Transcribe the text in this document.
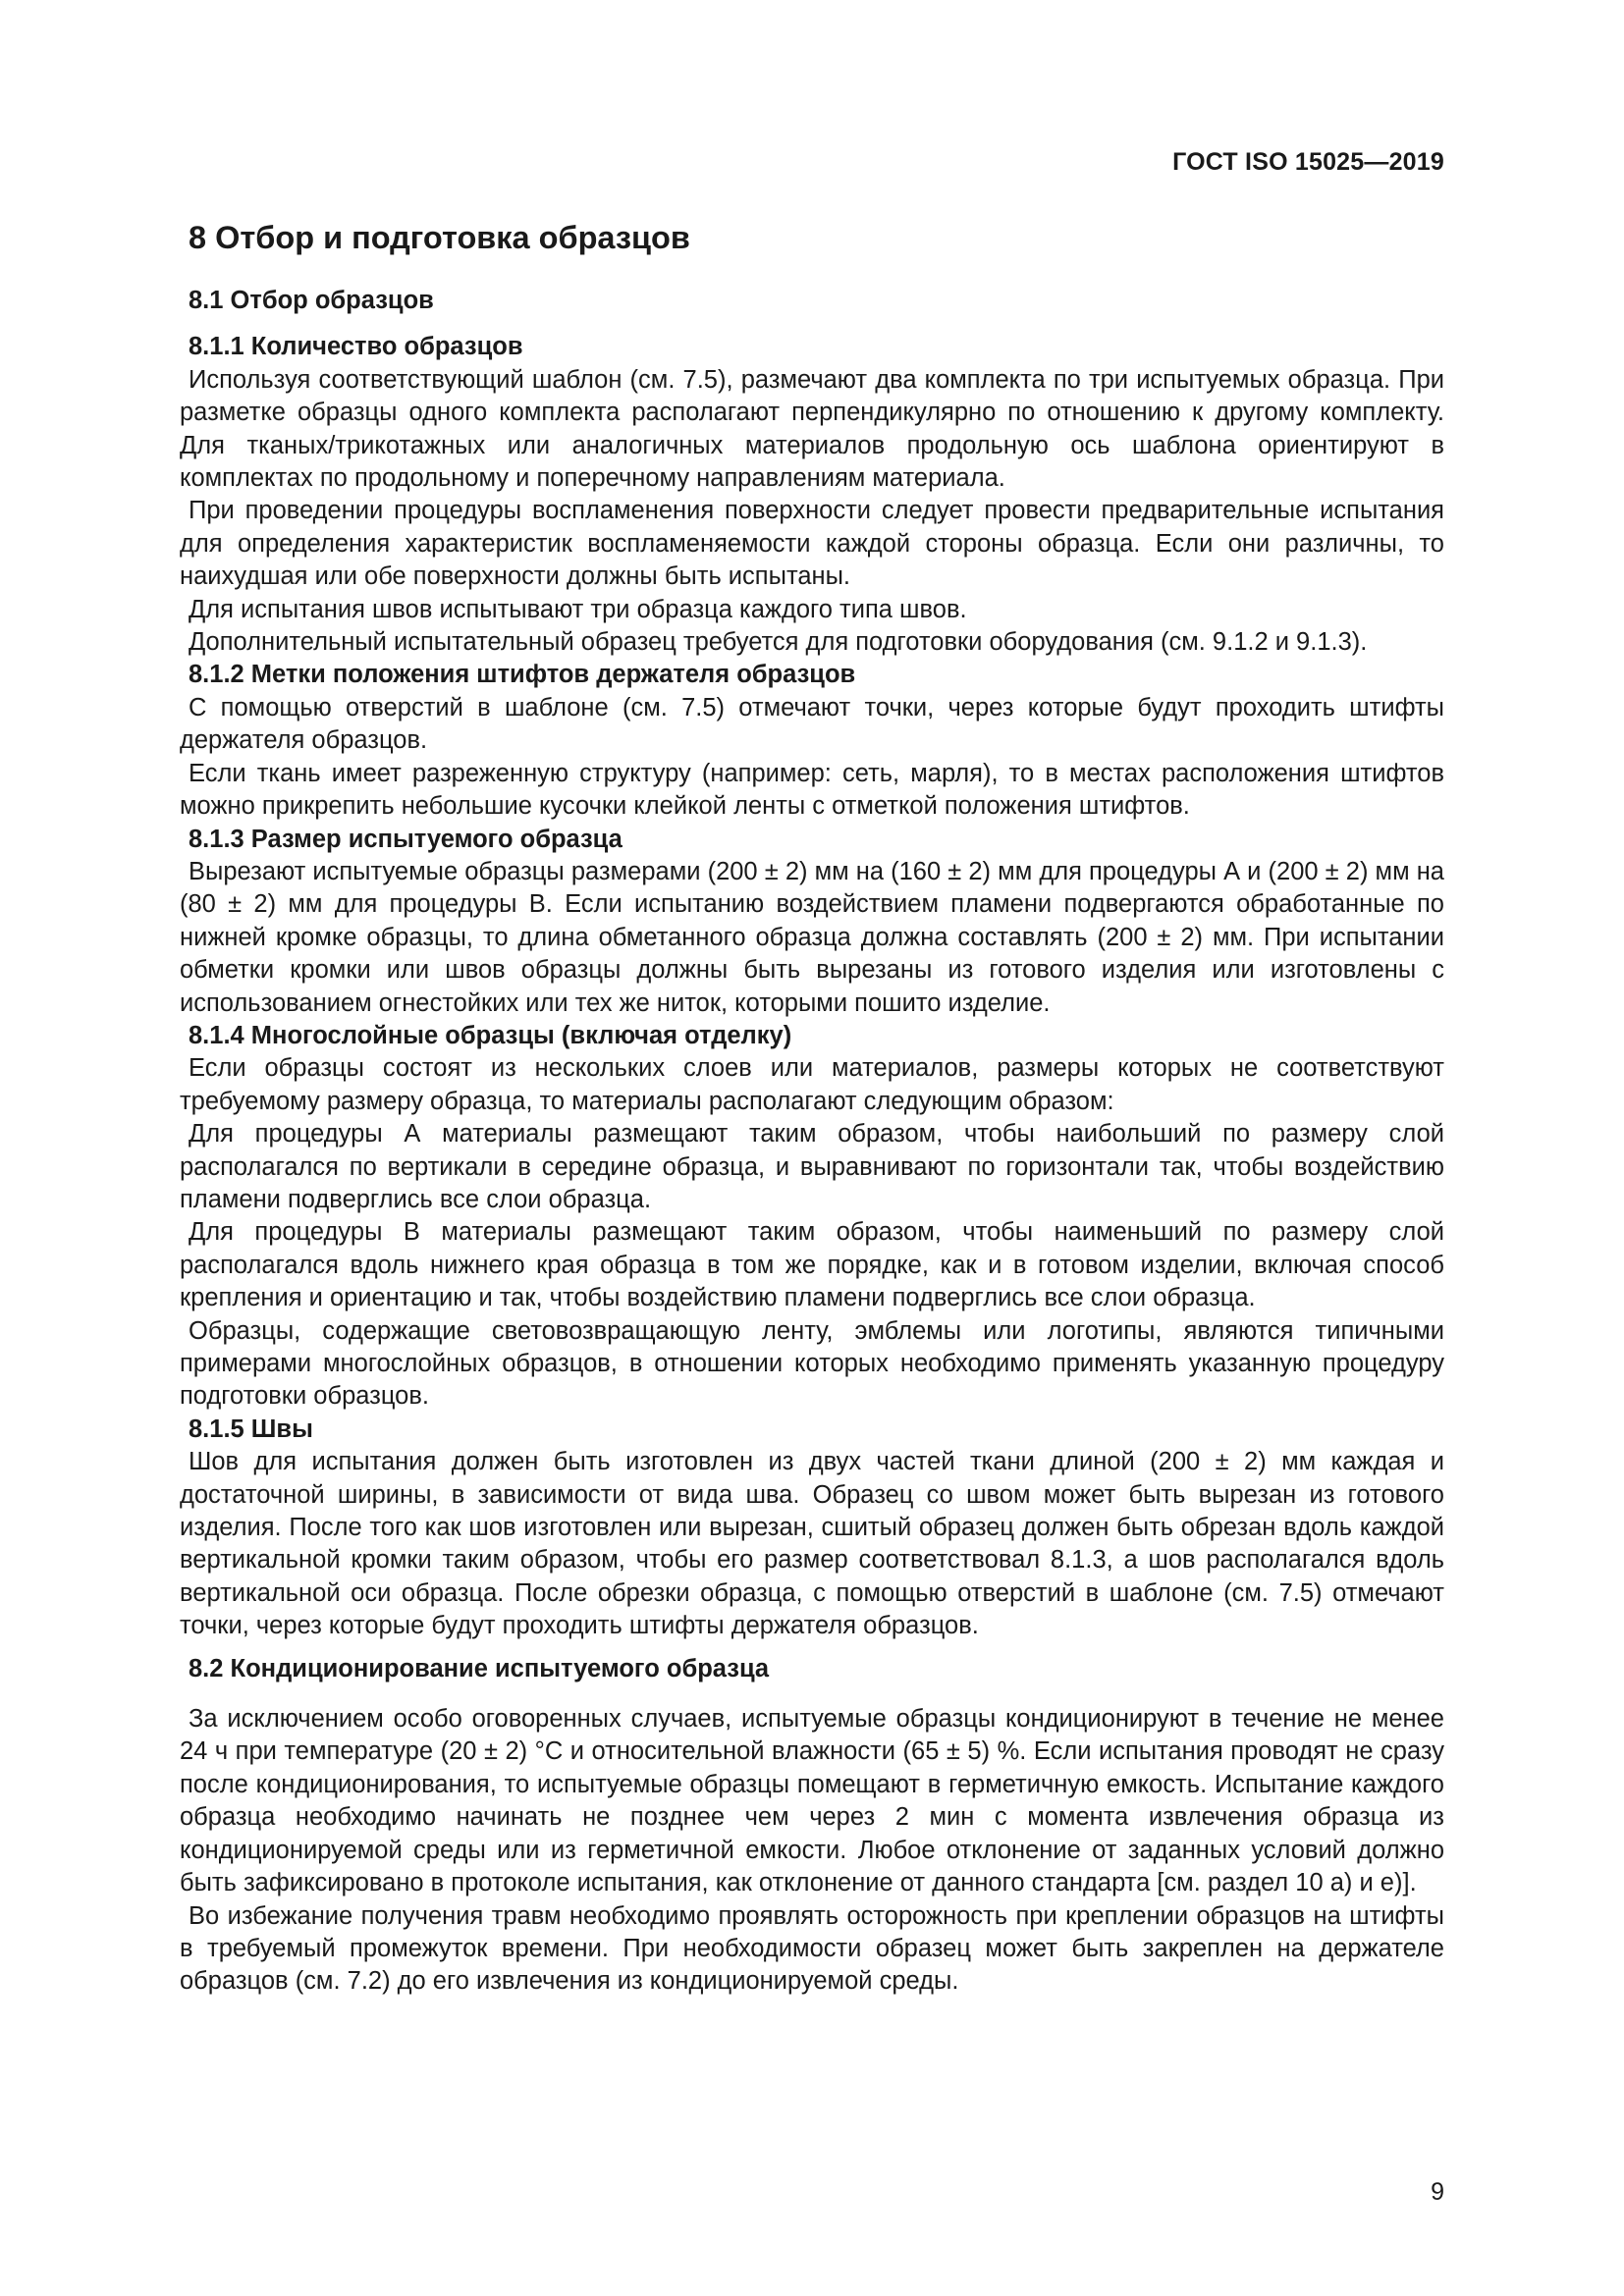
ГОСТ ISO 15025—2019
8 Отбор и подготовка образцов
8.1 Отбор образцов
8.1.1 Количество образцов

Используя соответствующий шаблон (см. 7.5), размечают два комплекта по три испытуемых образца. При разметке образцы одного комплекта располагают перпендикулярно по отношению к другому комплекту. Для тканых/трикотажных или аналогичных материалов продольную ось шаблона ориентируют в комплектах по продольному и поперечному направлениям материала.

При проведении процедуры воспламенения поверхности следует провести предварительные испытания для определения характеристик воспламеняемости каждой стороны образца. Если они различны, то наихудшая или обе поверхности должны быть испытаны.

Для испытания швов испытывают три образца каждого типа швов.

Дополнительный испытательный образец требуется для подготовки оборудования (см. 9.1.2 и 9.1.3).

8.1.2 Метки положения штифтов держателя образцов

С помощью отверстий в шаблоне (см. 7.5) отмечают точки, через которые будут проходить штифты держателя образцов.

Если ткань имеет разреженную структуру (например: сеть, марля), то в местах расположения штифтов можно прикрепить небольшие кусочки клейкой ленты с отметкой положения штифтов.

8.1.3 Размер испытуемого образца

Вырезают испытуемые образцы размерами (200 ± 2) мм на (160 ± 2) мм для процедуры А и (200 ± 2) мм на (80 ± 2) мм для процедуры В. Если испытанию воздействием пламени подвергаются обработанные по нижней кромке образцы, то длина обметанного образца должна составлять (200 ± 2) мм. При испытании обметки кромки или швов образцы должны быть вырезаны из готового изделия или изготовлены с использованием огнестойких или тех же ниток, которыми пошито изделие.

8.1.4 Многослойные образцы (включая отделку)

Если образцы состоят из нескольких слоев или материалов, размеры которых не соответствуют требуемому размеру образца, то материалы располагают следующим образом:

Для процедуры А материалы размещают таким образом, чтобы наибольший по размеру слой располагался по вертикали в середине образца, и выравнивают по горизонтали так, чтобы воздействию пламени подверглись все слои образца.

Для процедуры В материалы размещают таким образом, чтобы наименьший по размеру слой располагался вдоль нижнего края образца в том же порядке, как и в готовом изделии, включая способ крепления и ориентацию и так, чтобы воздействию пламени подверглись все слои образца.

Образцы, содержащие световозвращающую ленту, эмблемы или логотипы, являются типичными примерами многослойных образцов, в отношении которых необходимо применять указанную процедуру подготовки образцов.

8.1.5 Швы

Шов для испытания должен быть изготовлен из двух частей ткани длиной (200 ± 2) мм каждая и достаточной ширины, в зависимости от вида шва. Образец со швом может быть вырезан из готового изделия. После того как шов изготовлен или вырезан, сшитый образец должен быть обрезан вдоль каждой вертикальной кромки таким образом, чтобы его размер соответствовал 8.1.3, а шов располагался вдоль вертикальной оси образца. После обрезки образца, с помощью отверстий в шаблоне (см. 7.5) отмечают точки, через которые будут проходить штифты держателя образцов.

8.2 Кондиционирование испытуемого образца

За исключением особо оговоренных случаев, испытуемые образцы кондиционируют в течение не менее 24 ч при температуре (20 ± 2) °С и относительной влажности (65 ± 5) %. Если испытания проводят не сразу после кондиционирования, то испытуемые образцы помещают в герметичную емкость. Испытание каждого образца необходимо начинать не позднее чем через 2 мин с момента извлечения образца из кондиционируемой среды или из герметичной емкости. Любое отклонение от заданных условий должно быть зафиксировано в протоколе испытания, как отклонение от данного стандарта [см. раздел 10 а) и е)].

Во избежание получения травм необходимо проявлять осторожность при креплении образцов на штифты в требуемый промежуток времени. При необходимости образец может быть закреплен на держателе образцов (см. 7.2) до его извлечения из кондиционируемой среды.

9
